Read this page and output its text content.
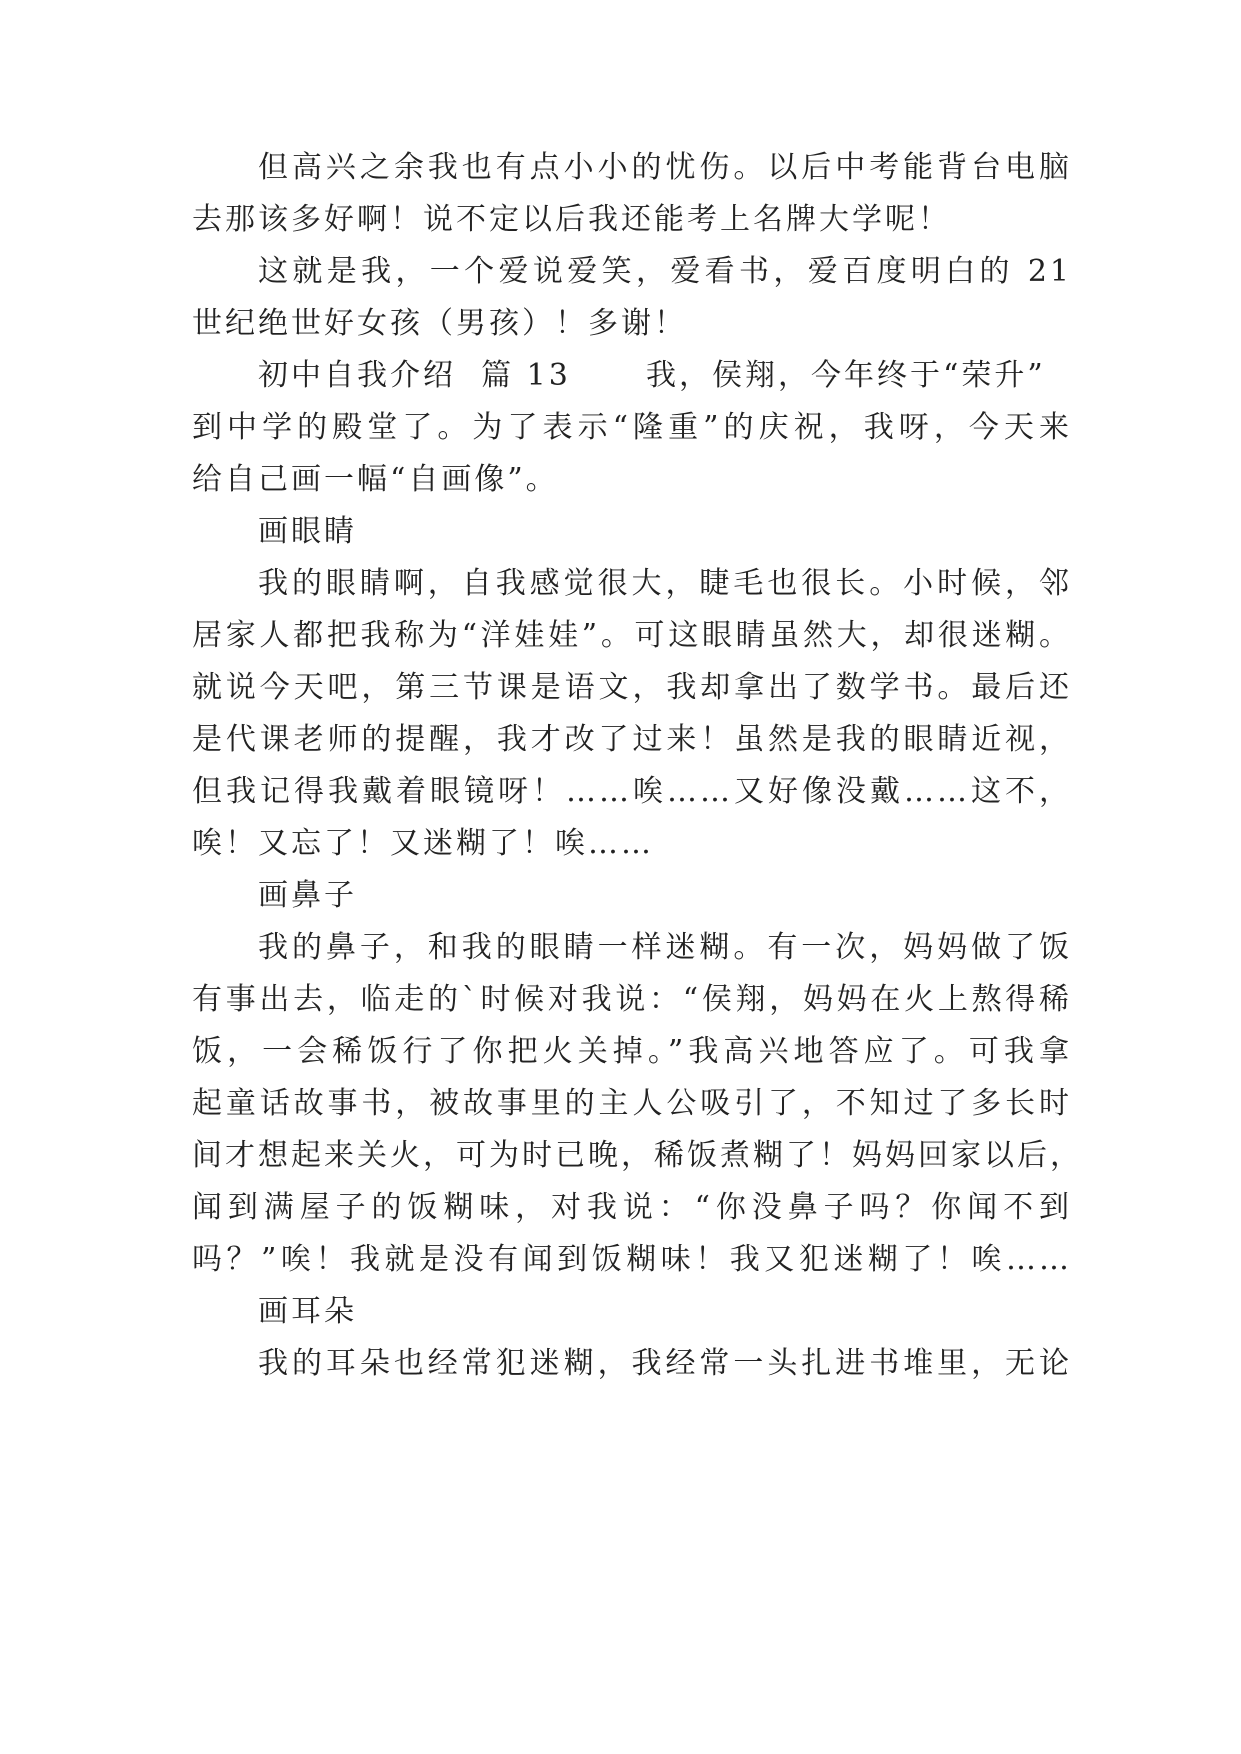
但高兴之余我也有点小小的忧伤。以后中考能背台电脑
去那该多好啊！说不定以后我还能考上名牌大学呢！
这就是我，一个爱说爱笑，爱看书，爱百度明白的 21
世纪绝世好女孩（男孩）！多谢！
初中自我介绍  篇 13      我，侯翔，今年终于“荣升”
到中学的殿堂了。为了表示“隆重”的庆祝，我呀，今天来
给自己画一幅“自画像”。
画眼睛
我的眼睛啊，自我感觉很大，睫毛也很长。小时候，邻
居家人都把我称为“洋娃娃”。可这眼睛虽然大，却很迷糊。
就说今天吧，第三节课是语文，我却拿出了数学书。最后还
是代课老师的提醒，我才改了过来！虽然是我的眼睛近视，
但我记得我戴着眼镜呀！……唉……又好像没戴……这不，
唉！又忘了！又迷糊了！唉……
画鼻子
我的鼻子，和我的眼睛一样迷糊。有一次，妈妈做了饭
有事出去，临走的`时候对我说：“侯翔，妈妈在火上熬得稀
饭，一会稀饭行了你把火关掉。”我高兴地答应了。可我拿
起童话故事书，被故事里的主人公吸引了，不知过了多长时
间才想起来关火，可为时已晚，稀饭煮糊了！妈妈回家以后，
闻到满屋子的饭糊味，对我说：“你没鼻子吗？你闻不到
吗？”唉！我就是没有闻到饭糊味！我又犯迷糊了！唉……
画耳朵
我的耳朵也经常犯迷糊，我经常一头扎进书堆里，无论
